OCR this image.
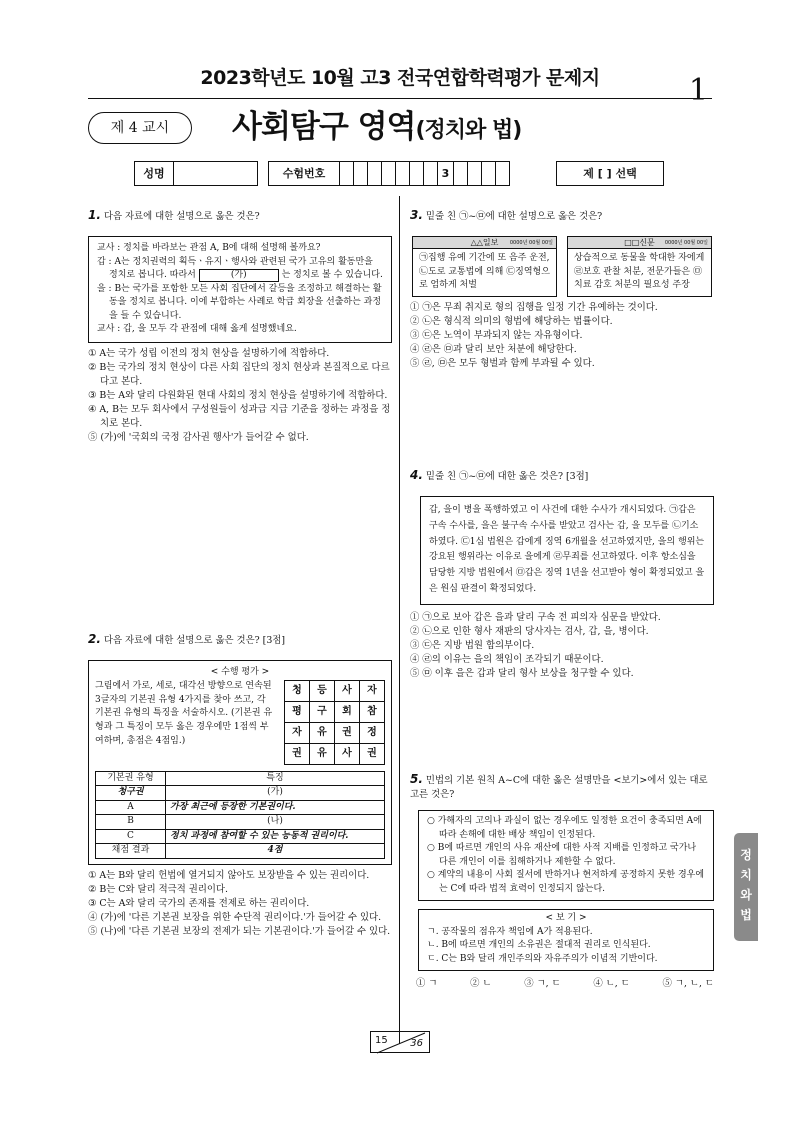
2023학년도 10월 고3 전국연합학력평가 문제지	1
제 4 교시	사회탐구 영역(정치와 법)
성명	수험번호	3	제 [ ] 선택
1. 다음 자료에 대한 설명으로 옳은 것은?
교사 : 정치를 바라보는 관점 A, B에 대해 설명해 볼까요?
갑 : A는 정치권력의 획득ㆍ유지ㆍ행사와 관련된 국가 고유의 활동만을 정치로 봅니다. 따라서	(가)	는 정치로 볼 수 있습니다.
을 : B는 국가를 포함한 모든 사회 집단에서 갈등을 조정하고 해결하는 활동을 정치로 봅니다. 이에 부합하는 사례로 학급 회장을 선출하는 과정을 들 수 있습니다.
교사 : 갑, 을 모두 각 관점에 대해 옳게 설명했네요.
① A는 국가 성립 이전의 정치 현상을 설명하기에 적합하다.
② B는 국가의 정치 현상이 다른 사회 집단의 정치 현상과 본질적으로 다르다고 본다.
③ B는 A와 달리 다원화된 현대 사회의 정치 현상을 설명하기에 적합하다.
④ A, B는 모두 회사에서 구성원들이 성과급 지급 기준을 정하는 과정을 정치로 본다.
⑤ (가)에 '국회의 국정 감사권 행사'가 들어갈 수 없다.
2. 다음 자료에 대한 설명으로 옳은 것은? [3점]
< 수행 평가 >
그림에서 가로, 세로, 대각선 방향으로 연속된 3글자의 기본권 유형 4가지를 찾아 쓰고, 각 기본권 유형의 특징을 서술하시오. (기본권 유형과 그 특징이 모두 옳은 경우에만 1점씩 부여하며, 총점은 4점임.)
청	등	사	자
평	구	회	참
자	유	권	정
권	유	사	권
기본권 유형	특징
청구권	(가)
A	가장 최근에 등장한 기본권이다.
B	(나)
C	정치 과정에 참여할 수 있는 능동적 권리이다.
채점 결과	4점
① A는 B와 달리 헌법에 열거되지 않아도 보장받을 수 있는 권리이다.
② B는 C와 달리 적극적 권리이다.
③ C는 A와 달리 국가의 존재를 전제로 하는 권리이다.
④ (가)에 '다른 기본권 보장을 위한 수단적 권리이다.'가 들어갈 수 있다.
⑤ (나)에 '다른 기본권 보장의 전제가 되는 기본권이다.'가 들어갈 수 있다.
3. 밑줄 친 ㉠~㉤에 대한 설명으로 옳은 것은?
△△일보 0000년 00월 00일
㉠집행 유예 기간에 또 음주 운전, ㉡도로 교통법에 의해 ㉢징역형으로 엄하게 처벌
□□신문 0000년 00월 00일
상습적으로 동물을 학대한 자에게 ㉣보호 관찰 처분, 전문가들은 ㉤치료 감호 처분의 필요성 주장
① ㉠은 무죄 취지로 형의 집행을 일정 기간 유예하는 것이다.
② ㉡은 형식적 의미의 형법에 해당하는 법률이다.
③ ㉢은 노역이 부과되지 않는 자유형이다.
④ ㉣은 ㉤과 달리 보안 처분에 해당한다.
⑤ ㉣, ㉤은 모두 형벌과 함께 부과될 수 있다.
4. 밑줄 친 ㉠~㉤에 대한 옳은 것은? [3점]
갑, 을이 병을 폭행하였고 이 사건에 대한 수사가 개시되었다. ㉠갑은 구속 수사를, 을은 불구속 수사를 받았고 검사는 갑, 을 모두를 ㉡기소하였다. ㉢1심 법원은 갑에게 징역 6개월을 선고하였지만, 을의 행위는 강요된 행위라는 이유로 을에게 ㉣무죄를 선고하였다. 이후 항소심을 담당한 지방 법원에서 ㉤갑은 징역 1년을 선고받아 형이 확정되었고 을은 원심 판결이 확정되었다.
① ㉠으로 보아 갑은 을과 달리 구속 전 피의자 심문을 받았다.
② ㉡으로 인한 형사 재판의 당사자는 검사, 갑, 을, 병이다.
③ ㉢은 지방 법원 합의부이다.
④ ㉣의 이유는 을의 책임이 조각되기 때문이다.
⑤ ㉤ 이후 을은 갑과 달리 형사 보상을 청구할 수 있다.
5. 민법의 기본 원칙 A~C에 대한 옳은 설명만을 <보기>에서 있는 대로 고른 것은?
○ 가해자의 고의나 과실이 없는 경우에도 일정한 요건이 충족되면 A에 따라 손해에 대한 배상 책임이 인정된다.
○ B에 따르면 개인의 사유 재산에 대한 사적 지배를 인정하고 국가나 다른 개인이 이를 침해하거나 제한할 수 없다.
○ 계약의 내용이 사회 질서에 반하거나 현저하게 공정하지 못한 경우에는 C에 따라 법적 효력이 인정되지 않는다.
< 보 기 >
ㄱ. 공작물의 점유자 책임에 A가 적용된다.
ㄴ. B에 따르면 개인의 소유권은 절대적 권리로 인식된다.
ㄷ. C는 B와 달리 개인주의와 자유주의가 이념적 기반이다.
① ㄱ	② ㄴ	③ ㄱ, ㄷ	④ ㄴ, ㄷ	⑤ ㄱ, ㄴ, ㄷ
정
치
와
법
15 36
